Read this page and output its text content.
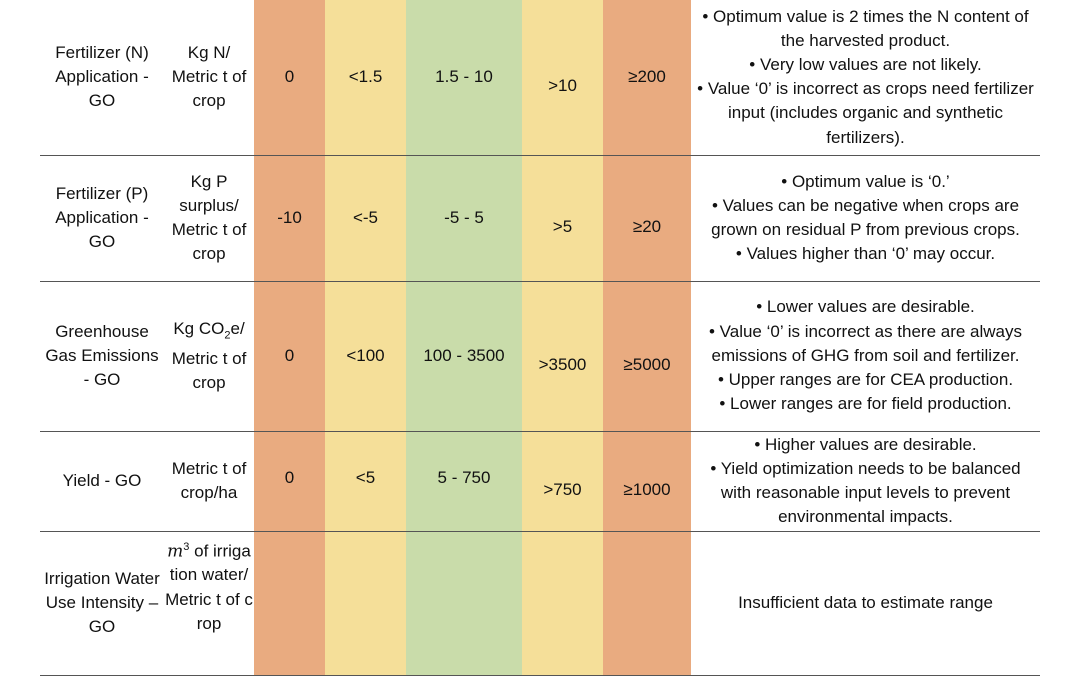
Fertilizer (N) Application - GO	Kg N/ Metric t of crop	0	<1.5	1.5 - 10	>10	≥200	• Optimum value is 2 times the N content of the harvested product.
• Very low values are not likely.
• Value ‘0’ is incorrect as crops need fertilizer input (includes organic and synthetic fertilizers).

Fertilizer (P) Application - GO	Kg P surplus/ Metric t of crop	-10	<-5	-5 - 5	>5	≥20	• Optimum value is ‘0.’
• Values can be negative when crops are grown on residual P from previous crops.
• Values higher than ‘0’ may occur.

Greenhouse Gas Emissions - GO	Kg $CO_2e/$ Metric t of crop	0	<100	100 - 3500	>3500	≥5000	• Lower values are desirable.
• Value ‘0’ is incorrect as there are always emissions of GHG from soil and fertilizer.
• Upper ranges are for CEA production.
• Lower ranges are for field production.

Yield - GO	Metric t of crop/ha	0	<5	5 - 750	>750	≥1000	• Higher values are desirable.
• Yield optimization needs to be balanced with reasonable input levels to prevent environmental impacts.

Irrigation Water Use Intensity – GO	$m^3$ of irrigation water/ Metric t of crop						Insufficient data to estimate range
